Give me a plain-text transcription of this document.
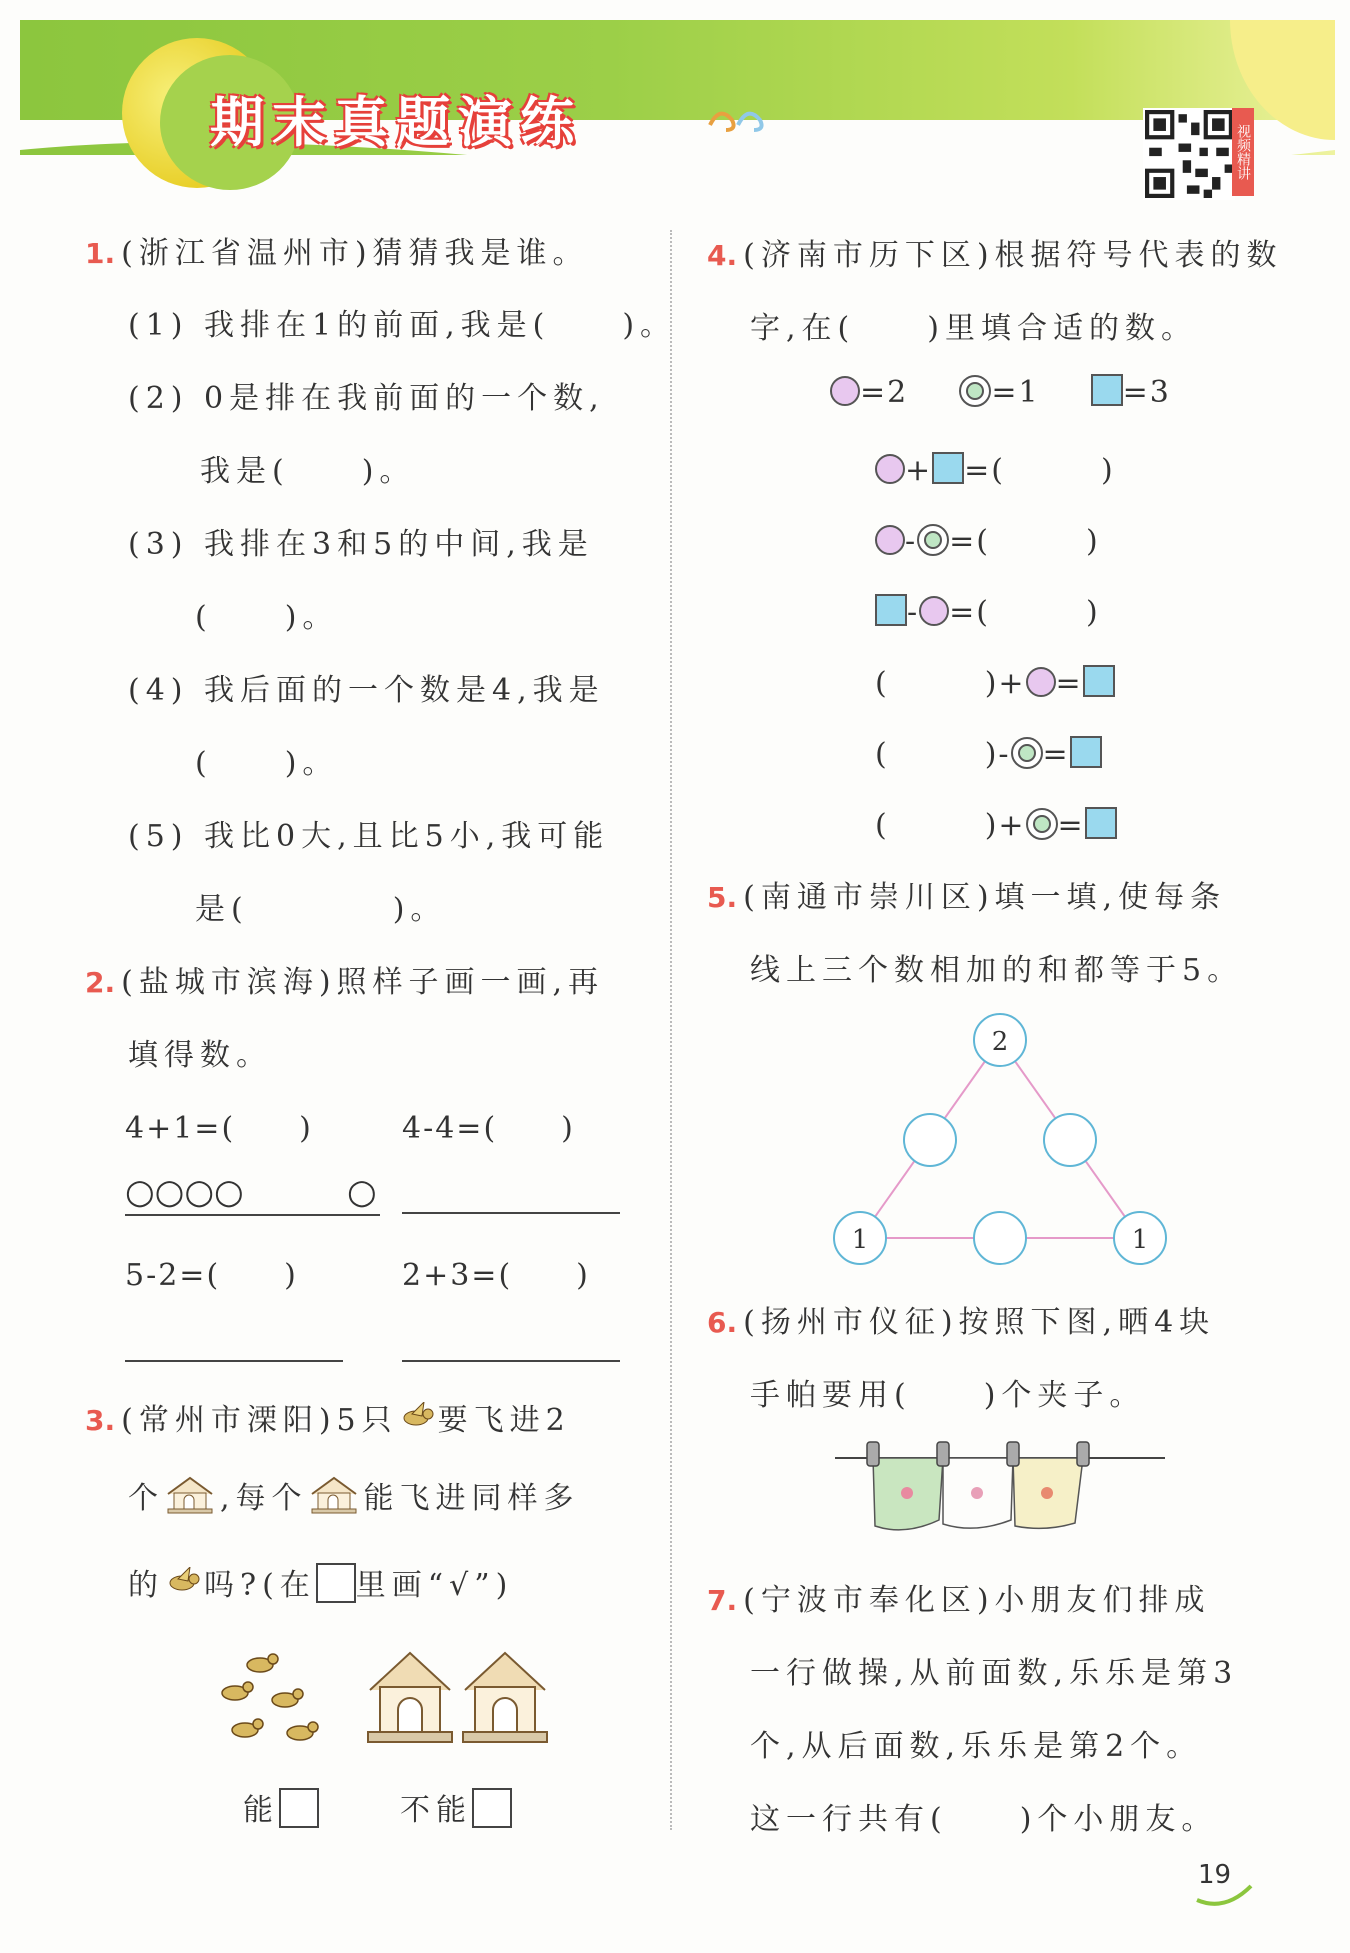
期末真题演练	视频精讲
1. (浙江省温州市)猜猜我是谁。
(1) 我排在1的前面,我是(　　)。
(2) 0是排在我前面的一个数,
我是(　　)。
(3) 我排在3和5的中间,我是
(　　)。
(4) 我后面的一个数是4,我是
(　　)。
(5) 我比0大,且比5小,我可能
是(　　　　)。
2. (盐城市滨海)照样子画一画,再
填得数。
4+1=(　　)	4-4=(　　)
○○○○	○
5-2=(　　)	2+3=(　　)
3. (常州市溧阳)5只 要飞进2
个 ,每个 能飞进同样多
的 吗?(在 里画“√”)
能	不能
4. (济南市历下区)根据符号代表的数
字,在(　　)里填合适的数。
=2	=1	=3
+ =(　　　)
- =(　　　)
- =(　　　)
(　　　)+ =
(　　　)- =
(　　　)+ =
5. (南通市崇川区)填一填,使每条
线上三个数相加的和都等于5。
2
1	1
6. (扬州市仪征)按照下图,晒4块
手帕要用(　　)个夹子。
7. (宁波市奉化区)小朋友们排成
一行做操,从前面数,乐乐是第3
个,从后面数,乐乐是第2个。
这一行共有(　　)个小朋友。
19
